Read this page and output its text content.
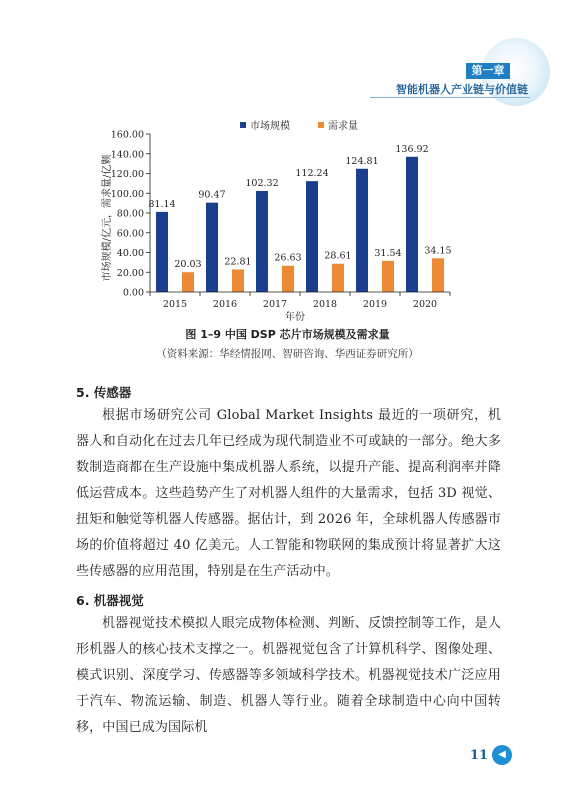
第一章
智能机器人产业链与价值链
市场规模/亿元，需求量/亿颗
市场规模	需求量
0.00
20.00
40.00
60.00
80.00
100.00
120.00
140.00
160.00
81.14
90.47
102.32
112.24
124.81
136.92
20.03 22.81 26.63 28.61 31.54 34.15
2015	2016	2017	2018	2019	2020
年份
图 1–9 中国 DSP 芯片市场规模及需求量
（资料来源：华经情报网、智研咨询、华西证券研究所）
5. 传感器

根据市场研究公司 Global Market Insights 最近的一项研究，机器人和自动化在过去几年已经成为现代制造业不可或缺的一部分。绝大多数制造商都在生产设施中集成机器人系统，以提升产能、提高利润率并降低运营成本。这些趋势产生了对机器人组件的大量需求，包括 3D 视觉、扭矩和触觉等机器人传感器。据估计，到 2026 年，全球机器人传感器市场的价值将超过 40 亿美元。人工智能和物联网的集成预计将显著扩大这些传感器的应用范围，特别是在生产活动中。

6. 机器视觉

机器视觉技术模拟人眼完成物体检测、判断、反馈控制等工作，是人形机器人的核心技术支撑之一。机器视觉包含了计算机科学、图像处理、模式识别、深度学习、传感器等多领域科学技术。机器视觉技术广泛应用于汽车、物流运输、制造、机器人等行业。随着全球制造中心向中国转移，中国已成为国际机

11	◀
